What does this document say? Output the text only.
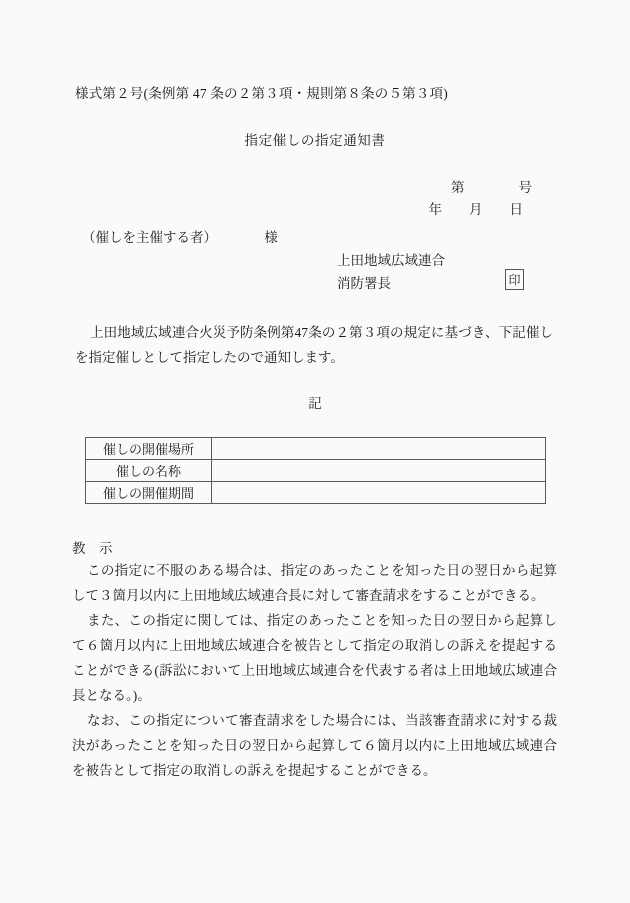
様式第２号(条例第 47 条の２第３項・規則第８条の５第３項)
指定催しの指定通知書
第　　　　号
年　　月　　日
（催しを主催する者）　　　　様
上田地域広域連合
消防署長	印
上田地域広域連合火災予防条例第47条の２第３項の規定に基づき、下記催しを指定催しとして指定したので通知します。
記
催しの開催場所	
催しの名称	
催しの開催期間	
教　示

この指定に不服のある場合は、指定のあったことを知った日の翌日から起算して３箇月以内に上田地域広域連合長に対して審査請求をすることができる。

また、この指定に関しては、指定のあったことを知った日の翌日から起算して６箇月以内に上田地域広域連合を被告として指定の取消しの訴えを提起することができる(訴訟において上田地域広域連合を代表する者は上田地域広域連合長となる。)。

なお、この指定について審査請求をした場合には、当該審査請求に対する裁決があったことを知った日の翌日から起算して６箇月以内に上田地域広域連合を被告として指定の取消しの訴えを提起することができる。
